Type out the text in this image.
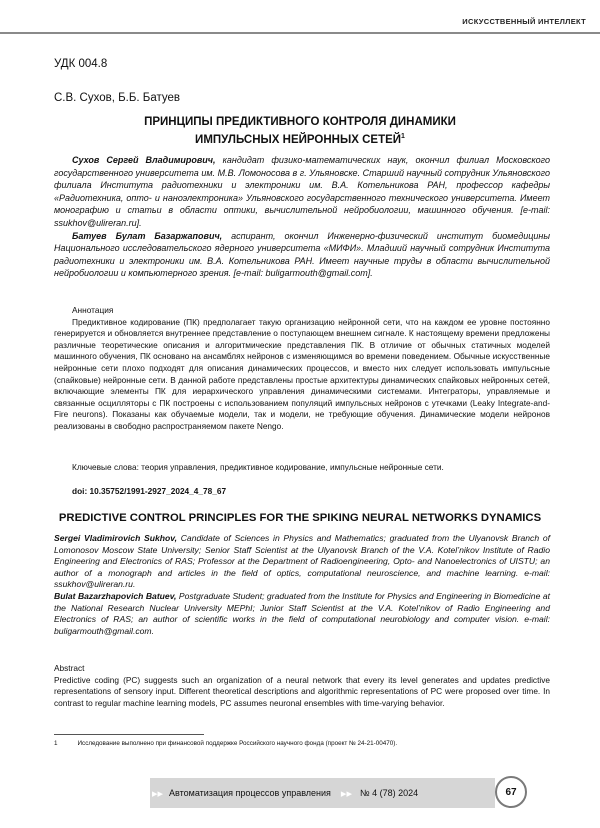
ИСКУССТВЕННЫЙ ИНТЕЛЛЕКТ
УДК 004.8
С.В. Сухов, Б.Б. Батуев
ПРИНЦИПЫ ПРЕДИКТИВНОГО КОНТРОЛЯ ДИНАМИКИ
ИМПУЛЬСНЫХ НЕЙРОННЫХ СЕТЕЙ$^1$

Сухов Сергей Владимирович, кандидат физико-математических наук, окончил филиал Московского государственного университета им. М.В. Ломоносова в г. Ульяновске. Старший научный сотрудник Ульяновского филиала Института радиотехники и электроники им. В.А. Котельникова РАН, профессор кафедры «Радиотехника, опто- и наноэлектроника» Ульяновского государственного технического университета. Имеет монографию и статьи в области оптики, вычислительной нейробиологии, машинного обучения. [e-mail: ssukhov@ulireran.ru].

Батуев Булат Базаржапович, аспирант, окончил Инженерно-физический институт биомедицины Национального исследовательского ядерного университета «МИФИ». Младший научный сотрудник Института радиотехники и электроники им. В.А. Котельникова РАН. Имеет научные труды в области вычислительной нейробиологии и компьютерного зрения. [e-mail: buligarmouth@gmail.com].

Аннотация

Предиктивное кодирование (ПК) предполагает такую организацию нейронной сети, что на каждом ее уровне постоянно генерируется и обновляется внутреннее представление о поступающем внешнем сигнале. К настоящему времени предложены различные теоретические описания и алгоритмические представления ПК. В отличие от обычных статичных моделей машинного обучения, ПК основано на ансамблях нейронов с изменяющимся во времени поведением. Обычные искусственные нейронные сети плохо подходят для описания динамических процессов, и вместо них следует использовать импульсные (спайковые) нейронные сети. В данной работе представлены простые архитектуры динамических спайковых нейронных сетей, включающие элементы ПК для иерархического управления динамическими системами. Интеграторы, управляемые и связанные осцилляторы с ПК построены с использованием популяций импульсных нейронов с утечками (Leaky Integrate-and-Fire neurons). Показаны как обучаемые модели, так и модели, не требующие обучения. Динамические модели нейронов реализованы в свободно распространяемом пакете Nengo.

Ключевые слова: теория управления, предиктивное кодирование, импульсные нейронные сети.
doi: 10.35752/1991-2927_2024_4_78_67
PREDICTIVE CONTROL PRINCIPLES FOR THE SPIKING NEURAL NETWORKS DYNAMICS

Sergei Vladimirovich Sukhov, Candidate of Sciences in Physics and Mathematics; graduated from the Ulyanovsk Branch of Lomonosov Moscow State University; Senior Staff Scientist at the Ulyanovsk Branch of the V.A. Kotel’nikov Institute of Radio Engineering and Electronics of RAS; Professor at the Department of Radioengineering, Opto- and Nanoelectronics of UISTU; an author of a monograph and articles in the field of optics, computational neuroscience, and machine learning. e-mail: ssukhov@ulireran.ru.

Bulat Bazarzhapovich Batuev, Postgraduate Student; graduated from the Institute for Physics and Engineering in Biomedicine at the National Research Nuclear University MEPhI; Junior Staff Scientist at the V.A. Kotel’nikov of Radio Engineering and Electronics of RAS; an author of scientific works in the field of computational neurobiology and computer vision. e-mail: buligarmouth@gmail.com.

Abstract
Predictive coding (PC) suggests such an organization of a neural network that every its level generates and updates predictive representations of sensory input. Different theoretical descriptions and algorithmic representations of PC were proposed over time. In contrast to regular machine learning models, PC assumes neuronal ensembles with time-varying behavior.
1	Исследование выполнено при финансовой поддержке Российского научного фонда (проект № 24-21-00470).
▸▸ Автоматизация процессов управления ▸▸ № 4 (78) 2024	67
